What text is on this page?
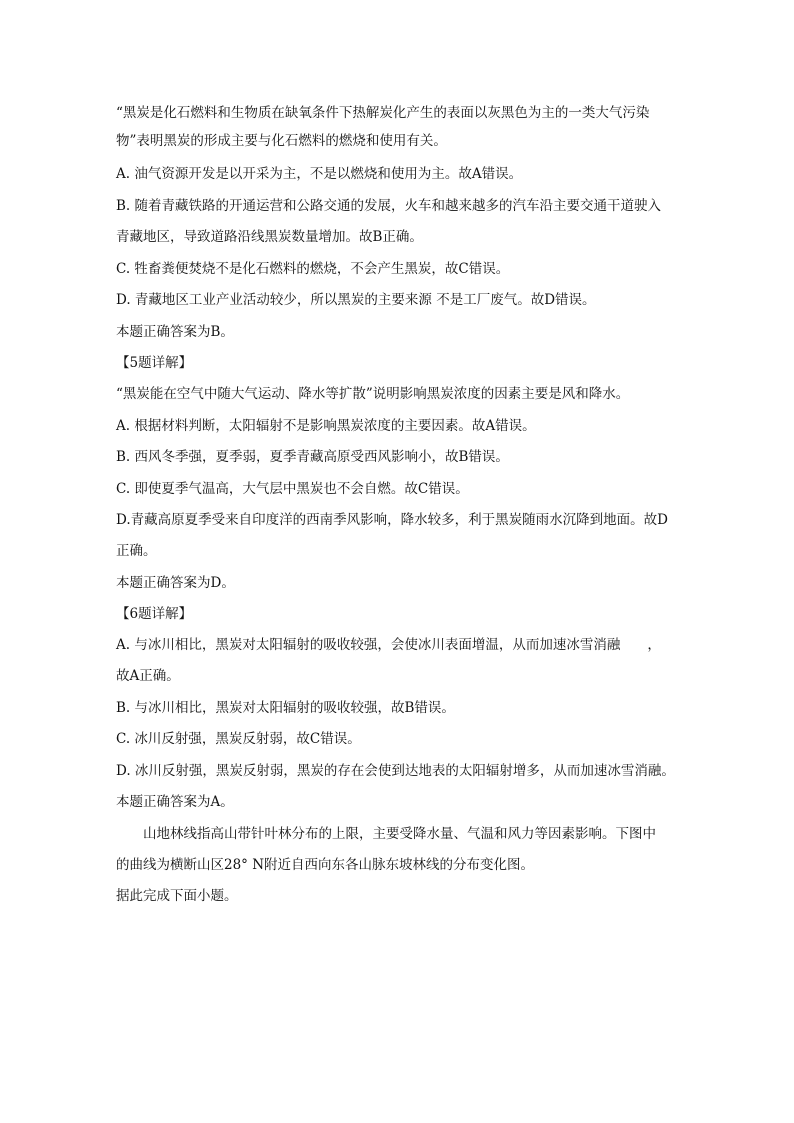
“黑炭是化石燃料和生物质在缺氧条件下热解炭化产生的表面以灰黑色为主的一类大气污染
物”表明黑炭的形成主要与化石燃料的燃烧和使用有关。
A. 油气资源开发是以开采为主，不是以燃烧和使用为主。故A错误。
B. 随着青藏铁路的开通运营和公路交通的发展，火车和越来越多的汽车沿主要交通干道驶入
青藏地区，导致道路沿线黑炭数量增加。故B正确。
C. 牲畜粪便焚烧不是化石燃料的燃烧，不会产生黑炭，故C错误。
D. 青藏地区工业产业活动较少，所以黑炭的主要来源 不是工厂废气。故D错误。
本题正确答案为B。
【5题详解】
“黑炭能在空气中随大气运动、降水等扩散”说明影响黑炭浓度的因素主要是风和降水。
A. 根据材料判断，太阳辐射不是影响黑炭浓度的主要因素。故A错误。
B. 西风冬季强，夏季弱，夏季青藏高原受西风影响小，故B错误。
C. 即使夏季气温高，大气层中黑炭也不会自燃。故C错误。
D.青藏高原夏季受来自印度洋的西南季风影响，降水较多，利于黑炭随雨水沉降到地面。故D
正确。
本题正确答案为D。
【6题详解】
A. 与冰川相比，黑炭对太阳辐射的吸收较强，会使冰川表面增温，从而加速冰雪消融　　，
故A正确。
B. 与冰川相比，黑炭对太阳辐射的吸收较强，故B错误。
C. 冰川反射强，黑炭反射弱，故C错误。
D. 冰川反射强，黑炭反射弱，黑炭的存在会使到达地表的太阳辐射增多，从而加速冰雪消融。
本题正确答案为A。
山地林线指高山带针叶林分布的上限，主要受降水量、气温和风力等因素影响。下图中
的曲线为横断山区28° N附近自西向东各山脉东坡林线的分布变化图。
据此完成下面小题。
